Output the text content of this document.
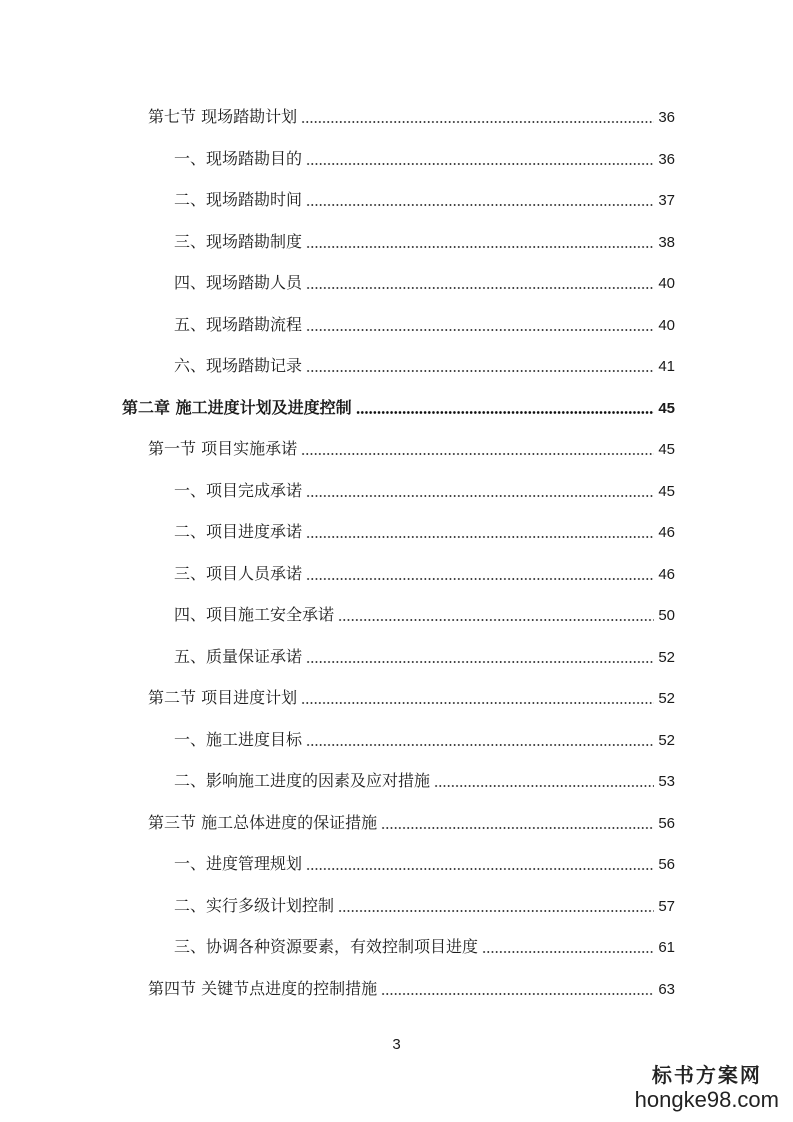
第七节 现场踏勘计划	36
一、现场踏勘目的	36
二、现场踏勘时间	37
三、现场踏勘制度	38
四、现场踏勘人员	40
五、现场踏勘流程	40
六、现场踏勘记录	41
第二章 施工进度计划及进度控制	45
第一节 项目实施承诺	45
一、项目完成承诺	45
二、项目进度承诺	46
三、项目人员承诺	46
四、项目施工安全承诺	50
五、质量保证承诺	52
第二节 项目进度计划	52
一、施工进度目标	52
二、影响施工进度的因素及应对措施	53
第三节 施工总体进度的保证措施	56
一、进度管理规划	56
二、实行多级计划控制	57
三、协调各种资源要素，有效控制项目进度	61
第四节 关键节点进度的控制措施	63
3
标书方案网
hongke98.com
